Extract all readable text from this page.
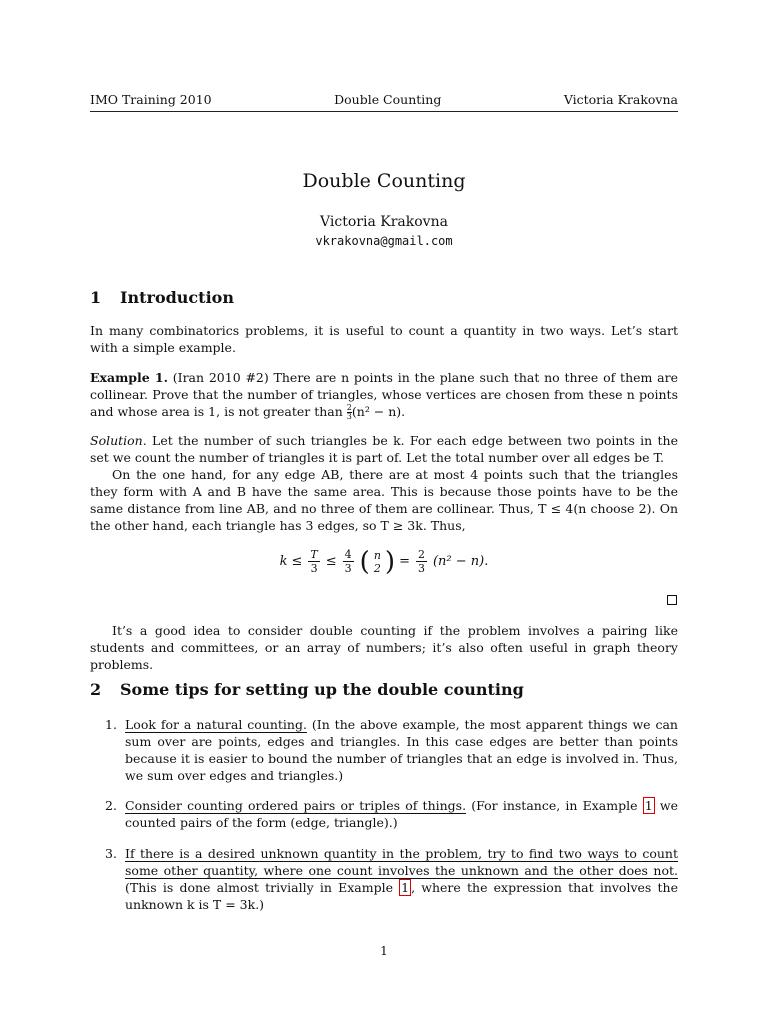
IMO Training 2010	Double Counting	Victoria Krakovna
Double Counting
Victoria Krakovna
vkrakovna@gmail.com
1 Introduction
In many combinatorics problems, it is useful to count a quantity in two ways. Let’s start with a simple example.
Example 1. (Iran 2010 #2) There are n points in the plane such that no three of them are collinear. Prove that the number of triangles, whose vertices are chosen from these n points and whose area is 1, is not greater than $\frac{2}{3} (n^2 - n)$.
Solution. Let the number of such triangles be k. For each edge between two points in the set we count the number of triangles it is part of. Let the total number over all edges be T.
On the one hand, for any edge AB, there are at most 4 points such that the triangles they form with A and B have the same area. This is because those points have to be the same distance from line AB, and no three of them are collinear. Thus, T ≤ 4(n choose 2). On the other hand, each triangle has 3 edges, so T ≥ 3k. Thus,
$k \le \frac{T}{3} \le \frac{4}{3}$ ( n
2 ) = $\frac{2}{3} (n^2 - n)$.
It’s a good idea to consider double counting if the problem involves a pairing like students and committees, or an array of numbers; it’s also often useful in graph theory problems.
2 Some tips for setting up the double counting
1. Look for a natural counting. (In the above example, the most apparent things we can sum over are points, edges and triangles. In this case edges are better than points because it is easier to bound the number of triangles that an edge is involved in. Thus, we sum over edges and triangles.)
2. Consider counting ordered pairs or triples of things. (For instance, in Example 1 we counted pairs of the form (edge, triangle).)
3. If there is a desired unknown quantity in the problem, try to find two ways to count some other quantity, where one count involves the unknown and the other does not. (This is done almost trivially in Example 1 , where the expression that involves the unknown k is T = 3k.)
1
